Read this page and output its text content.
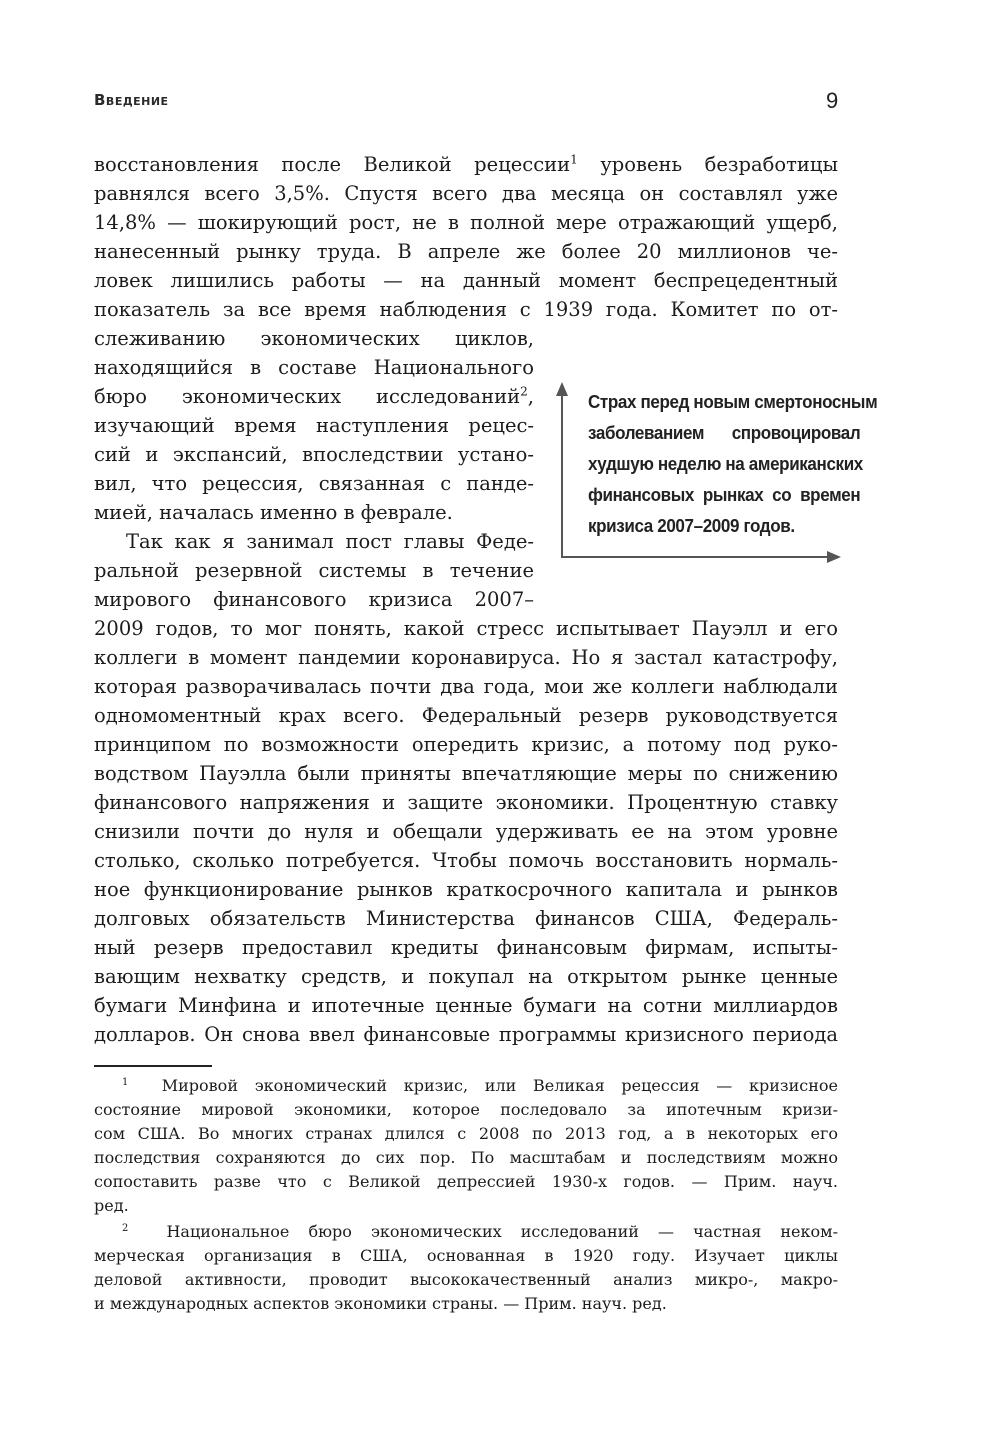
Введение	9
восстановления после Великой рецессии$^1$ уровень безработицы
равнялся всего 3,5%. Спустя всего два месяца он составлял уже
14,8% — шокирующий рост, не в полной мере отражающий ущерб,
нанесенный рынку труда. В апреле же более 20 миллионов че-
ловек лишились работы — на данный момент беспрецедентный
показатель за все время наблюдения с 1939 года. Комитет по от-
слеживанию экономических циклов,
находящийся в составе Национального
бюро экономических исследований$^2$,
изучающий время наступления рецес-
сий и экспансий, впоследствии устано-
вил, что рецессия, связанная с панде-
мией, началась именно в феврале.
Так как я занимал пост главы Феде-
ральной резервной системы в течение
мирового финансового кризиса 2007–
2009 годов, то мог понять, какой стресс испытывает Пауэлл и его
коллеги в момент пандемии коронавируса. Но я застал катастрофу,
которая разворачивалась почти два года, мои же коллеги наблюдали
одномоментный крах всего. Федеральный резерв руководствуется
принципом по возможности опередить кризис, а потому под руко-
водством Пауэлла были приняты впечатляющие меры по снижению
финансового напряжения и защите экономики. Процентную ставку
снизили почти до нуля и обещали удерживать ее на этом уровне
столько, сколько потребуется. Чтобы помочь восстановить нормаль-
ное функционирование рынков краткосрочного капитала и рынков
долговых обязательств Министерства финансов США, Федераль-
ный резерв предоставил кредиты финансовым фирмам, испыты-
вающим нехватку средств, и покупал на открытом рынке ценные
бумаги Минфина и ипотечные ценные бумаги на сотни миллиардов
долларов. Он снова ввел финансовые программы кризисного периода
Страх перед новым смертоносным
заболеванием спровоцировал
худшую неделю на американских
финансовых рынках со времен
кризиса 2007–2009 годов.
$^1$ Мировой экономический кризис, или Великая рецессия — кризисное
состояние мировой экономики, которое последовало за ипотечным кризи-
сом США. Во многих странах длился с 2008 по 2013 год, а в некоторых его
последствия сохраняются до сих пор. По масштабам и последствиям можно
сопоставить разве что с Великой депрессией 1930-х годов. — Прим. науч.
ред.
$^2$ Национальное бюро экономических исследований — частная неком-
мерческая организация в США, основанная в 1920 году. Изучает циклы
деловой активности, проводит высококачественный анализ микро-, макро-
и международных аспектов экономики страны. — Прим. науч. ред.
